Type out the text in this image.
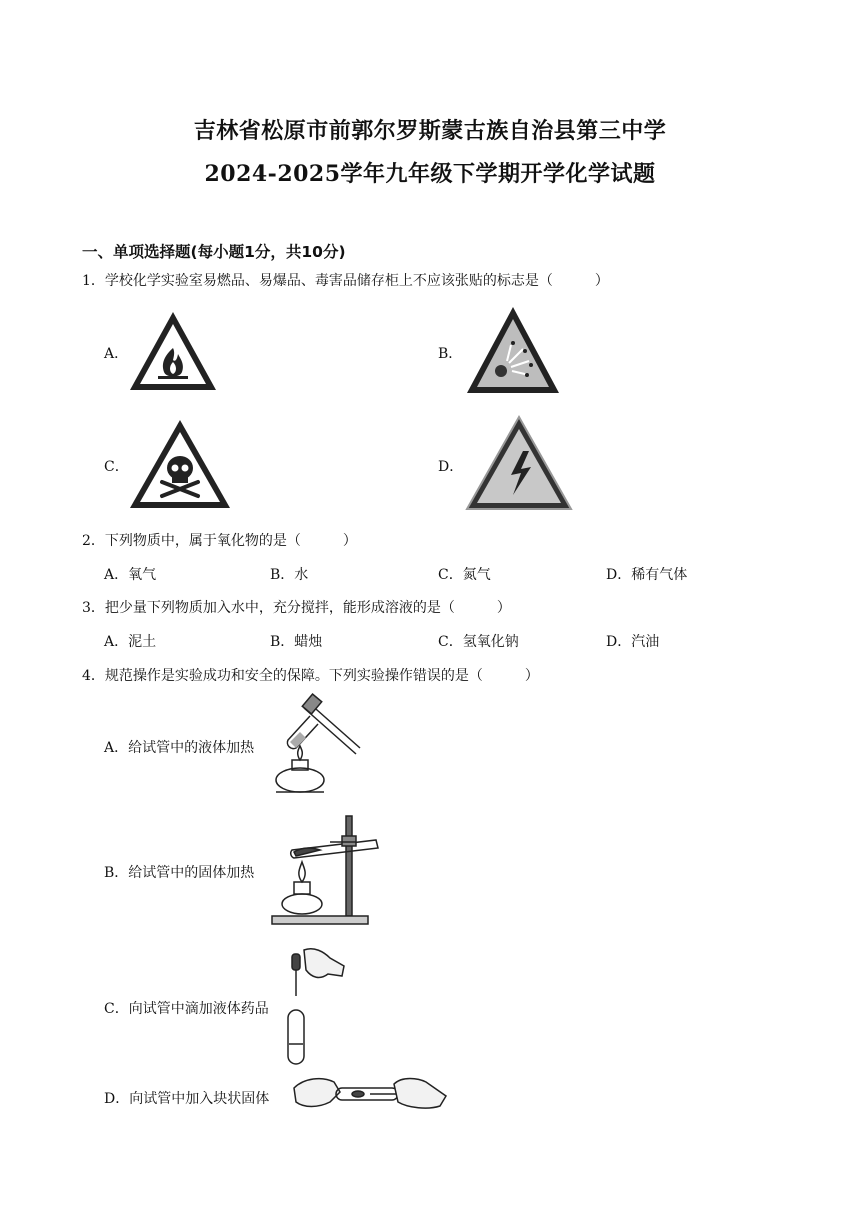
吉林省松原市前郭尔罗斯蒙古族自治县第三中学
2024-2025学年九年级下学期开学化学试题
一、单项选择题(每小题1分，共10分)
1．学校化学实验室易燃品、易爆品、毒害品储存柜上不应该张贴的标志是（　　　）
A．	B．
C．	D．
2．下列物质中，属于氧化物的是（　　　）
A．氧气	B．水	C．氮气	D．稀有气体
3．把少量下列物质加入水中，充分搅拌，能形成溶液的是（　　　）
A．泥土	B．蜡烛	C．氢氧化钠	D．汽油
4．规范操作是实验成功和安全的保障。下列实验操作错误的是（　　　）
A．给试管中的液体加热
B．给试管中的固体加热
C．向试管中滴加液体药品
D．向试管中加入块状固体
